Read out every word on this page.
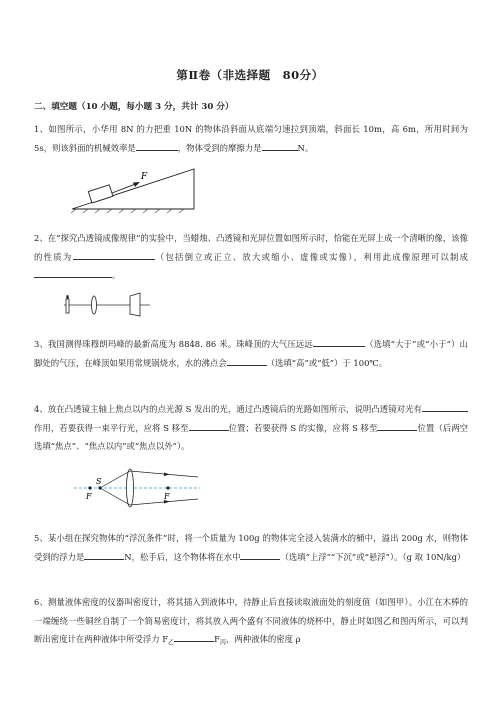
第Ⅱ卷（非选择题　80分）
二、填空题（10 小题，每小题 3 分，共计 30 分）

1、如图所示，小华用 8N 的力把重 10N 的物体沿斜面从底端匀速拉到顶端，斜面长 10m，高 6m，所用时间为 5s，则该斜面的机械效率是	，物体受到的摩擦力是	N。

F

2、在“探究凸透镜成像规律”的实验中，当蜡烛、凸透镜和光屏位置如图所示时，恰能在光屏上成一个清晰的像，该像的性质为	（包括倒立或正立、放大或缩小、虚像或实像），利用此成像原理可以制成。

3、我国测得珠穆朗玛峰的最新高度为 8848. 86 米。珠峰顶的大气压远远	（选填“大于”或“小于”）山脚处的气压，在峰顶如果用常规锅烧水，水的沸点会	（选填“高”或“低”）于 100℃。

4、放在凸透镜主轴上焦点以内的点光源 S 发出的光，通过凸透镜后的光路如图所示，说明凸透镜对光有作用，若要获得一束平行光，应将 S 移至	位置；若要获得 S 的实像，应将 S 移至	位置（后两空选填“焦点”、“焦点以内”或“焦点以外”）。

S
F	F

5、某小组在探究物体的“浮沉条件”时，将一个质量为 100g 的物体完全浸入装满水的桶中，溢出 200g 水，则物体受到的浮力是	N，松手后，这个物体将在水中	（选填“上浮”“下沉”或“悬浮”）。（g 取 10N/kg）

6、测量液体密度的仪器叫密度计，将其插入到液体中，待静止后直接读取液面处的刻度值（如图甲）。小江在木棒的一端缠绕一些铜丝自制了一个简易密度计，将其放入两个盛有不同液体的烧杯中，静止时如图乙和图丙所示，可以判断出密度计在两种液体中所受浮力 $F_乙$	$F_丙$，两种液体的密度 ρ
